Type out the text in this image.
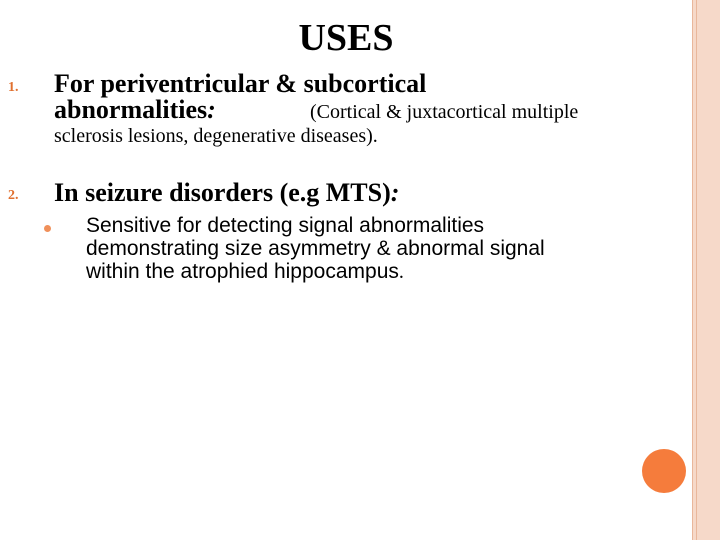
USES
1. For periventricular & subcortical
abnormalities:	(Cortical & juxtacortical multiple
sclerosis lesions, degenerative diseases).
2. In seizure disorders (e.g MTS):
Sensitive for detecting signal abnormalities
demonstrating size asymmetry & abnormal signal
within the atrophied hippocampus.
